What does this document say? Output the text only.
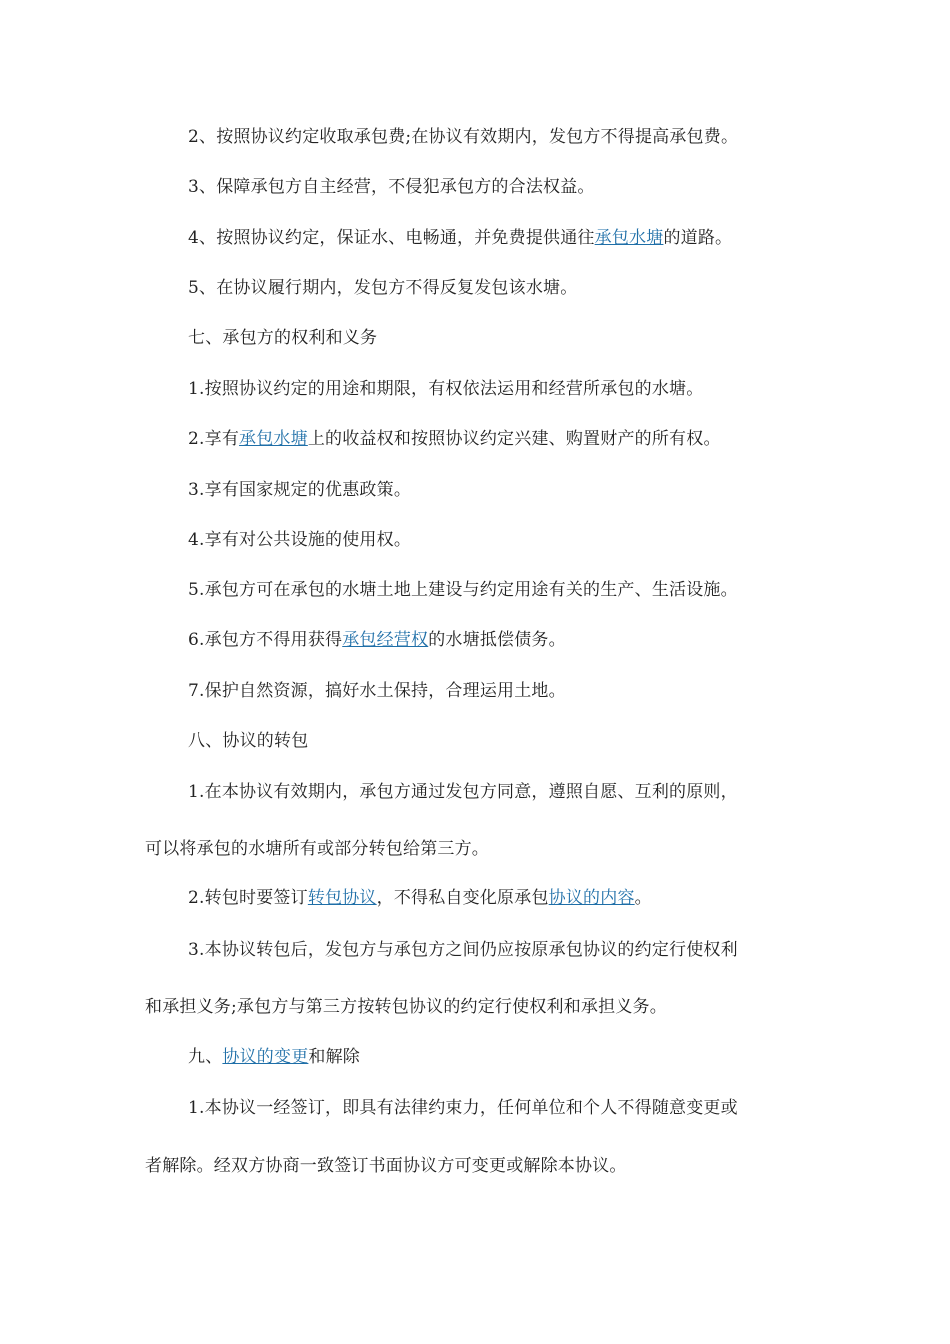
2、按照协议约定收取承包费;在协议有效期内，发包方不得提高承包费。
3、保障承包方自主经营，不侵犯承包方的合法权益。
4、按照协议约定，保证水、电畅通，并免费提供通往承包水塘的道路。
5、在协议履行期内，发包方不得反复发包该水塘。
七、承包方的权利和义务
1.按照协议约定的用途和期限，有权依法运用和经营所承包的水塘。
2.享有承包水塘上的收益权和按照协议约定兴建、购置财产的所有权。
3.享有国家规定的优惠政策。
4.享有对公共设施的使用权。
5.承包方可在承包的水塘土地上建设与约定用途有关的生产、生活设施。
6.承包方不得用获得承包经营权的水塘抵偿债务。
7.保护自然资源，搞好水土保持，合理运用土地。
八、协议的转包
1.在本协议有效期内，承包方通过发包方同意，遵照自愿、互利的原则，
可以将承包的水塘所有或部分转包给第三方。
2.转包时要签订转包协议，不得私自变化原承包协议的内容。
3.本协议转包后，发包方与承包方之间仍应按原承包协议的约定行使权利
和承担义务;承包方与第三方按转包协议的约定行使权利和承担义务。
九、协议的变更和解除
1.本协议一经签订，即具有法律约束力，任何单位和个人不得随意变更或
者解除。经双方协商一致签订书面协议方可变更或解除本协议。
